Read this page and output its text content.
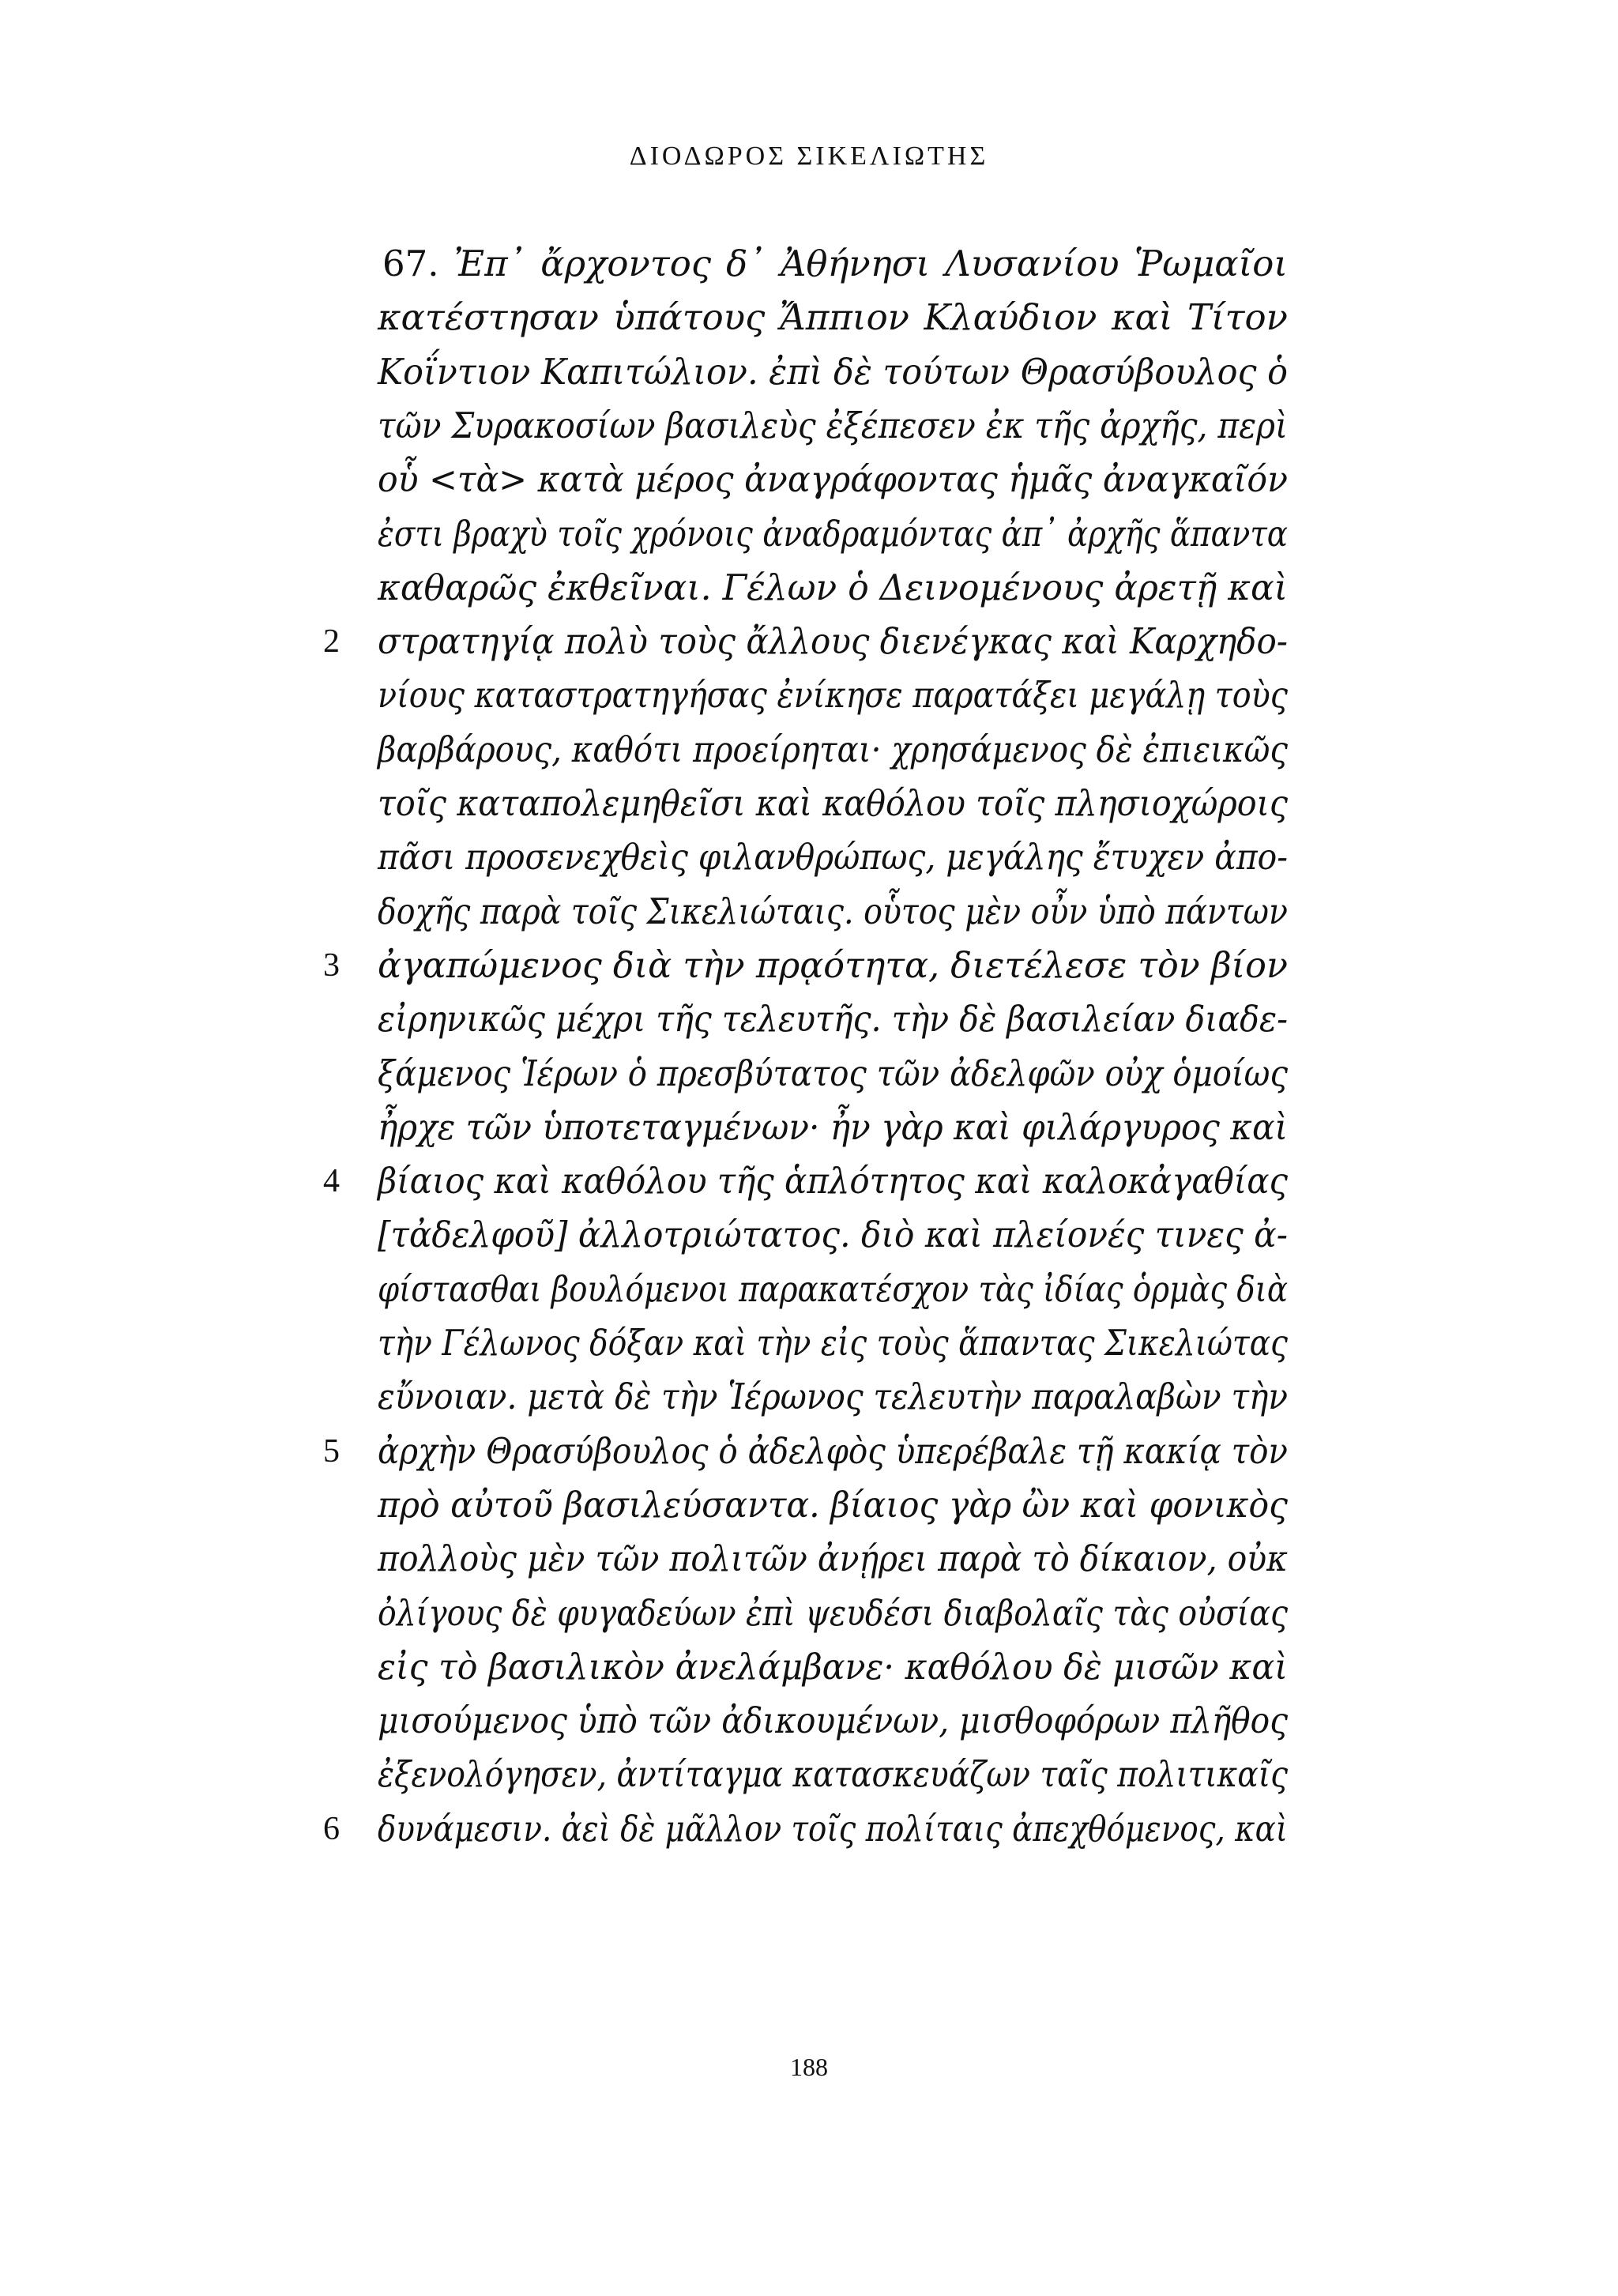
ΔΙΟΔΩΡΟΣ ΣΙΚΕΛΙΩΤΗΣ
67. Ἐπ᾽ ἄρχοντος δ᾽ Ἀθήνησι Λυσανίου Ῥωμαῖοι
κατέστησαν ὑπάτους Ἄππιον Κλαύδιον καὶ Τίτον
Κοΐντιον Καπιτώλιον. ἐπὶ δὲ τούτων Θρασύβουλος ὁ
τῶν Συρακοσίων βασιλεὺς ἐξέπεσεν ἐκ τῆς ἀρχῆς, περὶ
οὗ <τὰ> κατὰ μέρος ἀναγράφοντας ἡμᾶς ἀναγκαῖόν
ἐστι βραχὺ τοῖς χρόνοις ἀναδραμόντας ἀπ᾽ ἀρχῆς ἅπαντα
καθαρῶς ἐκθεῖναι. Γέλων ὁ Δεινομένους ἀρετῇ καὶ
2	στρατηγίᾳ πολὺ τοὺς ἄλλους διενέγκας καὶ Καρχηδο-
νίους καταστρατηγήσας ἐνίκησε παρατάξει μεγάλῃ τοὺς
βαρβάρους, καθότι προείρηται· χρησάμενος δὲ ἐπιεικῶς
τοῖς καταπολεμηθεῖσι καὶ καθόλου τοῖς πλησιοχώροις
πᾶσι προσενεχθεὶς φιλανθρώπως, μεγάλης ἔτυχεν ἀπο-
δοχῆς παρὰ τοῖς Σικελιώταις. οὗτος μὲν οὖν ὑπὸ πάντων
3	ἀγαπώμενος διὰ τὴν πρᾳότητα, διετέλεσε τὸν βίον
εἰρηνικῶς μέχρι τῆς τελευτῆς. τὴν δὲ βασιλείαν διαδε-
ξάμενος Ἱέρων ὁ πρεσβύτατος τῶν ἀδελφῶν οὐχ ὁμοίως
ἦρχε τῶν ὑποτεταγμένων· ἦν γὰρ καὶ φιλάργυρος καὶ
4	βίαιος καὶ καθόλου τῆς ἁπλότητος καὶ καλοκἀγαθίας
[τἀδελφοῦ] ἀλλοτριώτατος. διὸ καὶ πλείονές τινες ἀ-
φίστασθαι βουλόμενοι παρακατέσχον τὰς ἰδίας ὁρμὰς διὰ
τὴν Γέλωνος δόξαν καὶ τὴν εἰς τοὺς ἅπαντας Σικελιώτας
εὔνοιαν. μετὰ δὲ τὴν Ἱέρωνος τελευτὴν παραλαβὼν τὴν
5	ἀρχὴν Θρασύβουλος ὁ ἀδελφὸς ὑπερέβαλε τῇ κακίᾳ τὸν
πρὸ αὐτοῦ βασιλεύσαντα. βίαιος γὰρ ὢν καὶ φονικὸς
πολλοὺς μὲν τῶν πολιτῶν ἀνῄρει παρὰ τὸ δίκαιον, οὐκ
ὀλίγους δὲ φυγαδεύων ἐπὶ ψευδέσι διαβολαῖς τὰς οὐσίας
εἰς τὸ βασιλικὸν ἀνελάμβανε· καθόλου δὲ μισῶν καὶ
μισούμενος ὑπὸ τῶν ἀδικουμένων, μισθοφόρων πλῆθος
ἐξενολόγησεν, ἀντίταγμα κατασκευάζων ταῖς πολιτικαῖς
6	δυνάμεσιν. ἀεὶ δὲ μᾶλλον τοῖς πολίταις ἀπεχθόμενος, καὶ
188
